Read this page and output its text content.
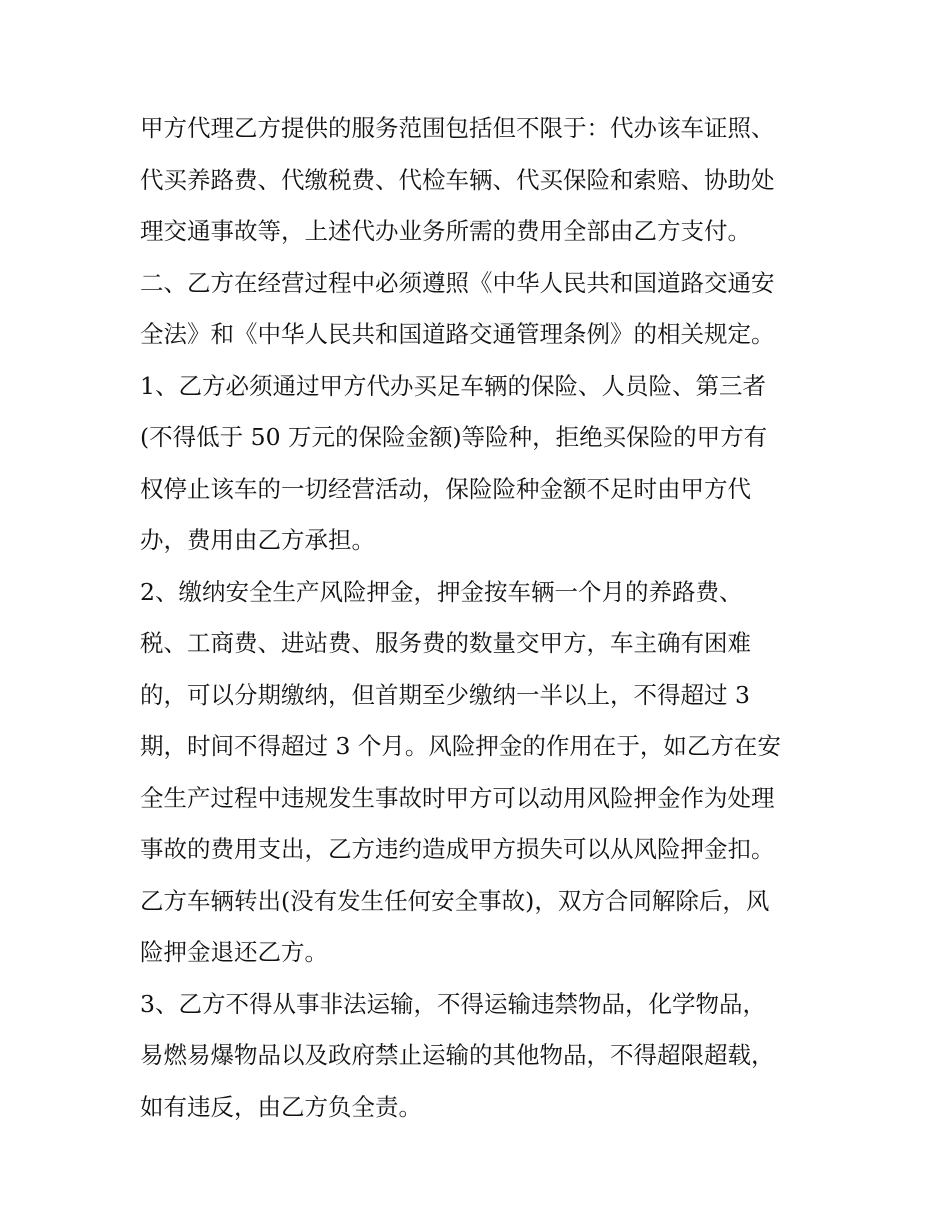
甲方代理乙方提供的服务范围包括但不限于：代办该车证照、
代买养路费、代缴税费、代检车辆、代买保险和索赔、协助处
理交通事故等，上述代办业务所需的费用全部由乙方支付。
二、乙方在经营过程中必须遵照《中华人民共和国道路交通安
全法》和《中华人民共和国道路交通管理条例》的相关规定。
1、乙方必须通过甲方代办买足车辆的保险、人员险、第三者
(不得低于 50 万元的保险金额)等险种，拒绝买保险的甲方有
权停止该车的一切经营活动，保险险种金额不足时由甲方代
办，费用由乙方承担。
2、缴纳安全生产风险押金，押金按车辆一个月的养路费、
税、工商费、进站费、服务费的数量交甲方，车主确有困难
的，可以分期缴纳，但首期至少缴纳一半以上，不得超过 3
期，时间不得超过 3 个月。风险押金的作用在于，如乙方在安
全生产过程中违规发生事故时甲方可以动用风险押金作为处理
事故的费用支出，乙方违约造成甲方损失可以从风险押金扣。
乙方车辆转出(没有发生任何安全事故)，双方合同解除后，风
险押金退还乙方。
3、乙方不得从事非法运输，不得运输违禁物品，化学物品，
易燃易爆物品以及政府禁止运输的其他物品，不得超限超载，
如有违反，由乙方负全责。
